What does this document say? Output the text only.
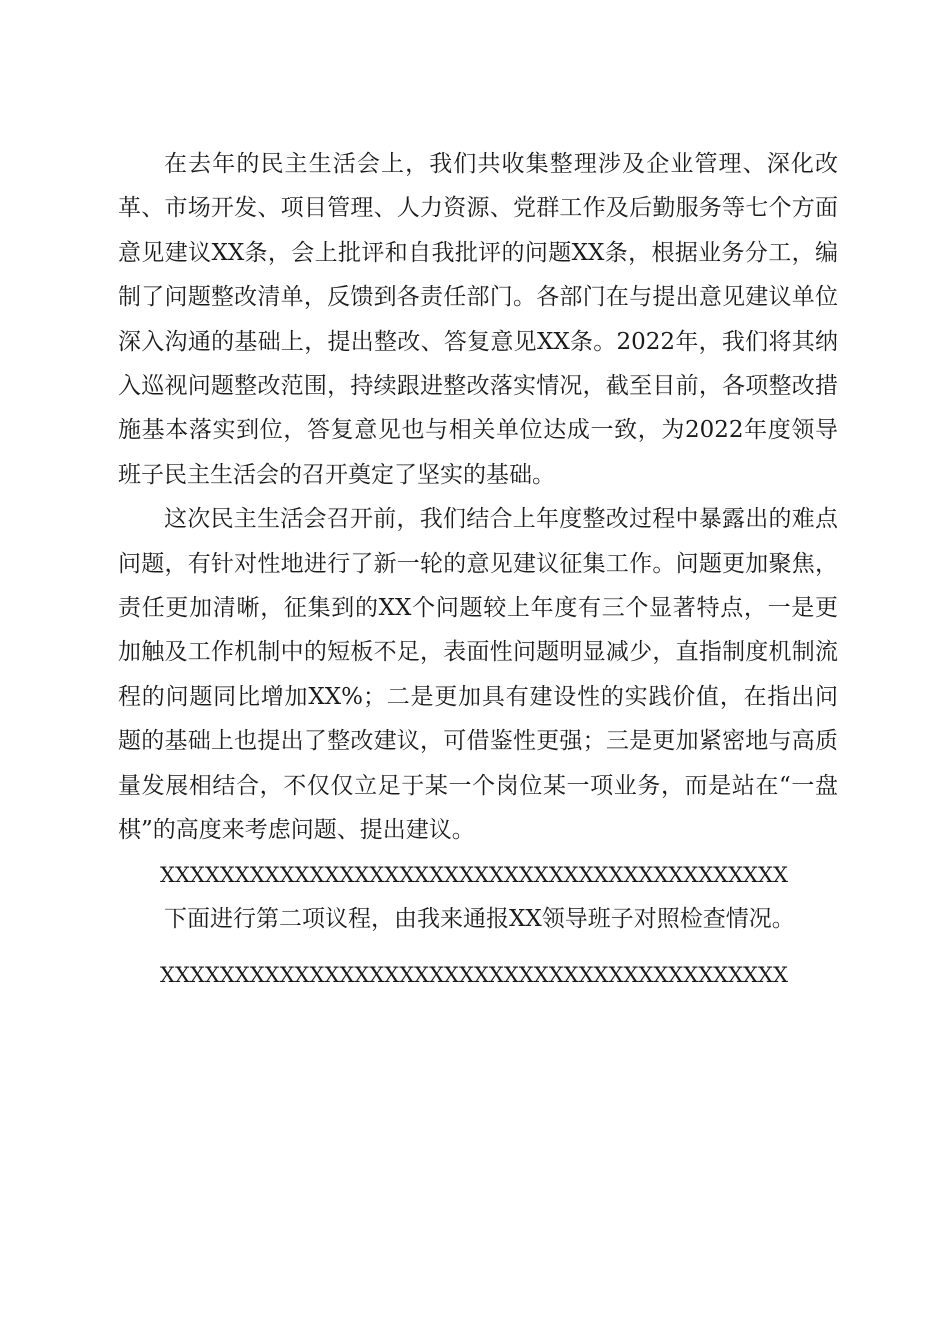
在去年的民主生活会上，我们共收集整理涉及企业管理、深化改革、市场开发、项目管理、人力资源、党群工作及后勤服务等七个方面意见建议XX条，会上批评和自我批评的问题XX条，根据业务分工，编制了问题整改清单，反馈到各责任部门。各部门在与提出意见建议单位深入沟通的基础上，提出整改、答复意见XX条。2022年，我们将其纳入巡视问题整改范围，持续跟进整改落实情况，截至目前，各项整改措施基本落实到位，答复意见也与相关单位达成一致，为2022年度领导班子民主生活会的召开奠定了坚实的基础。

这次民主生活会召开前，我们结合上年度整改过程中暴露出的难点问题，有针对性地进行了新一轮的意见建议征集工作。问题更加聚焦，责任更加清晰，征集到的XX个问题较上年度有三个显著特点，一是更加触及工作机制中的短板不足，表面性问题明显减少，直指制度机制流程的问题同比增加XX%；二是更加具有建设性的实践价值，在指出问题的基础上也提出了整改建议，可借鉴性更强；三是更加紧密地与高质量发展相结合，不仅仅立足于某一个岗位某一项业务，而是站在“一盘棋”的高度来考虑问题、提出建议。

XXXXXXXXXXXXXXXXXXXXXXXXXXXXXXXXXXXXXXXXXX

下面进行第二项议程，由我来通报XX领导班子对照检查情况。

XXXXXXXXXXXXXXXXXXXXXXXXXXXXXXXXXXXXXXXXXX
